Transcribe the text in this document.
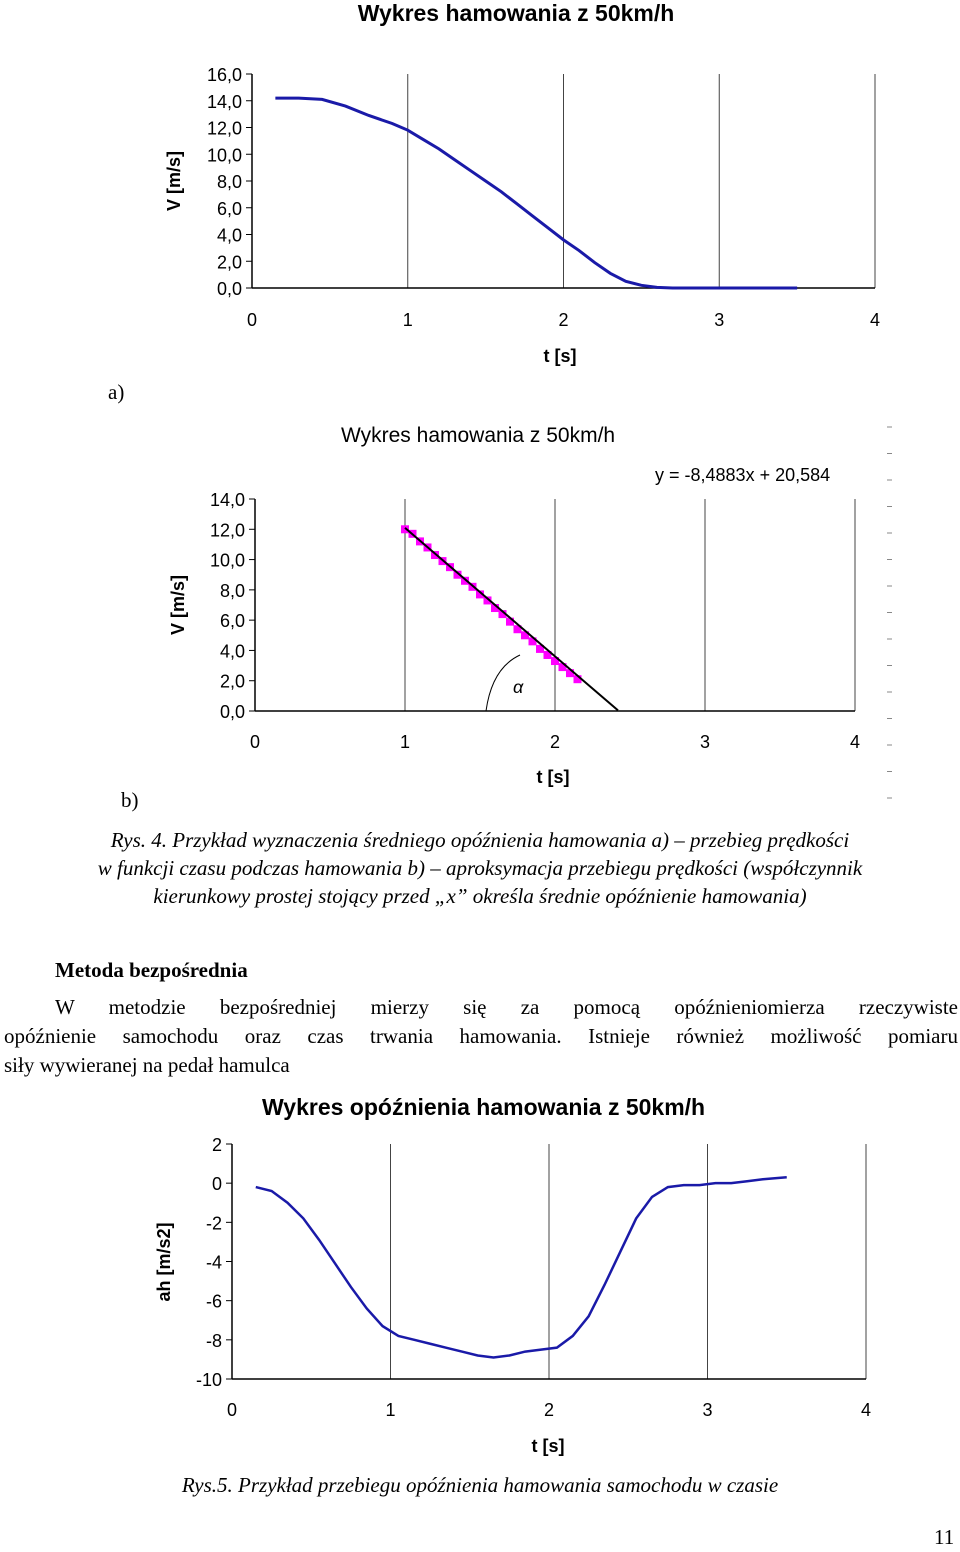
Wykres hamowania z 50km/h
16,0
14,0
12,0
10,0
8,0
6,0
4,0
2,0
0,0
0	1	2	3	4
t [s]
V [m/s]
a)
Wykres hamowania z 50km/h
14,0
12,0
10,0
8,0
6,0
4,0
2,0
0,0
0	1	2	3	4
t [s]
V [m/s]
y = -8,4883x + 20,584
α
b)
Rys. 4. Przykład wyznaczenia średniego opóźnienia hamowania a) – przebieg prędkości
w funkcji czasu podczas hamowania b) – aproksymacja przebiegu prędkości (współczynnik
kierunkowy prostej stojący przed „x” określa średnie opóźnienie hamowania)
Metoda bezpośrednia
W metodzie bezpośredniej mierzy się za pomocą opóźnieniomierza rzeczywiste
opóźnienie samochodu oraz czas trwania hamowania. Istnieje również możliwość pomiaru
siły wywieranej na pedał hamulca
Wykres opóźnienia hamowania z 50km/h
2
0
-2
-4
-6
-8
-10
0	1	2	3	4
t [s]
ah [m/s2]
Rys.5. Przykład przebiegu opóźnienia hamowania samochodu w czasie
11
